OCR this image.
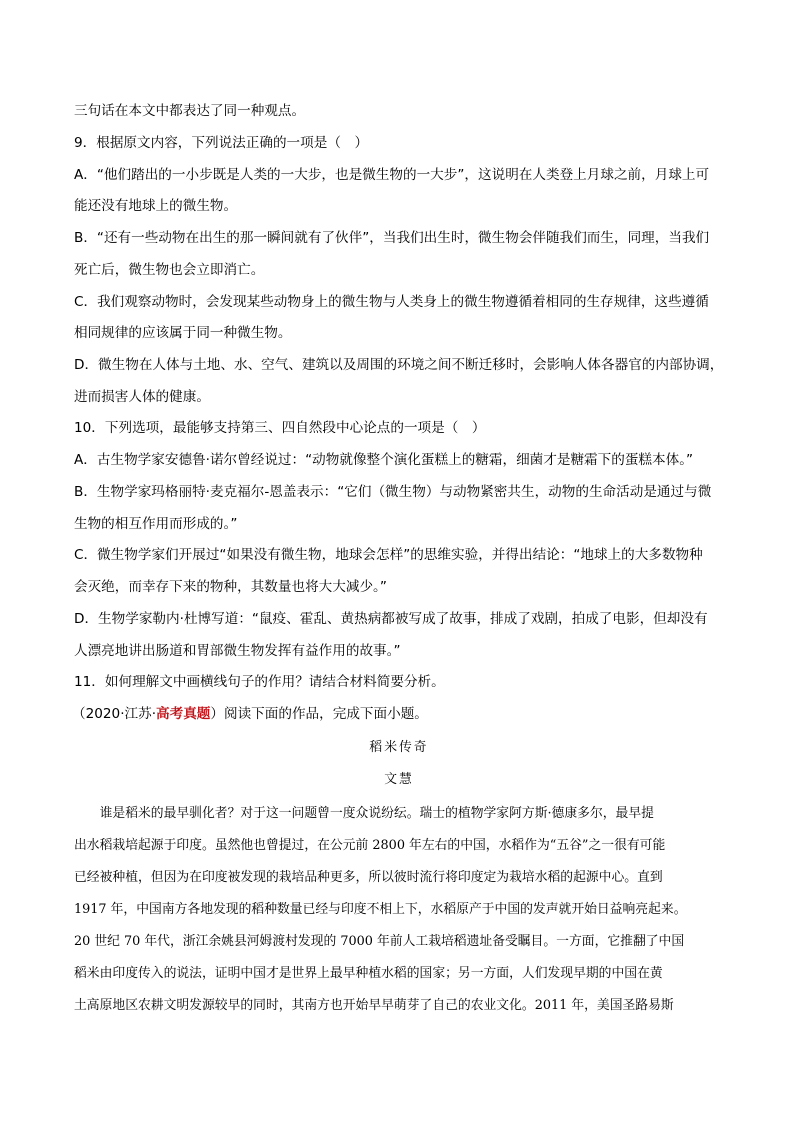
三句话在本文中都表达了同一种观点。
9．根据原文内容，下列说法正确的一项是（　）
A．“他们踏出的一小步既是人类的一大步，也是微生物的一大步”，这说明在人类登上月球之前，月球上可
能还没有地球上的微生物。
B．“还有一些动物在出生的那一瞬间就有了伙伴”，当我们出生时，微生物会伴随我们而生，同理，当我们
死亡后，微生物也会立即消亡。
C．我们观察动物时，会发现某些动物身上的微生物与人类身上的微生物遵循着相同的生存规律，这些遵循
相同规律的应该属于同一种微生物。
D．微生物在人体与土地、水、空气、建筑以及周围的环境之间不断迁移时，会影响人体各器官的内部协调，
进而损害人体的健康。
10．下列选项，最能够支持第三、四自然段中心论点的一项是（　）
A．古生物学家安德鲁·诺尔曾经说过：“动物就像整个演化蛋糕上的糖霜，细菌才是糖霜下的蛋糕本体。”
B．生物学家玛格丽特·麦克福尔-恩盖表示：“它们（微生物）与动物紧密共生，动物的生命活动是通过与微
生物的相互作用而形成的。”
C．微生物学家们开展过“如果没有微生物，地球会怎样”的思维实验，并得出结论：“地球上的大多数物种
会灭绝，而幸存下来的物种，其数量也将大大减少。”
D．生物学家勒内·杜博写道：“鼠疫、霍乱、黄热病都被写成了故事，排成了戏剧，拍成了电影，但却没有
人漂亮地讲出肠道和胃部微生物发挥有益作用的故事。”
11．如何理解文中画横线句子的作用？请结合材料简要分析。
（2020·江苏·高考真题）阅读下面的作品，完成下面小题。
稻米传奇
文慧
　　谁是稻米的最早驯化者？对于这一问题曾一度众说纷纭。瑞士的植物学家阿方斯·德康多尔，最早提
出水稻栽培起源于印度。虽然他也曾提过，在公元前 2800 年左右的中国，水稻作为“五谷”之一很有可能
已经被种植，但因为在印度被发现的栽培品种更多，所以彼时流行将印度定为栽培水稻的起源中心。直到
1917 年，中国南方各地发现的稻种数量已经与印度不相上下，水稻原产于中国的发声就开始日益响亮起来。
20 世纪 70 年代，浙江余姚县河姆渡村发现的 7000 年前人工栽培稻遗址备受瞩目。一方面，它推翻了中国
稻米由印度传入的说法，证明中国才是世界上最早种植水稻的国家；另一方面，人们发现早期的中国在黄
土高原地区农耕文明发源较早的同时，其南方也开始早早萌芽了自己的农业文化。2011 年，美国圣路易斯
